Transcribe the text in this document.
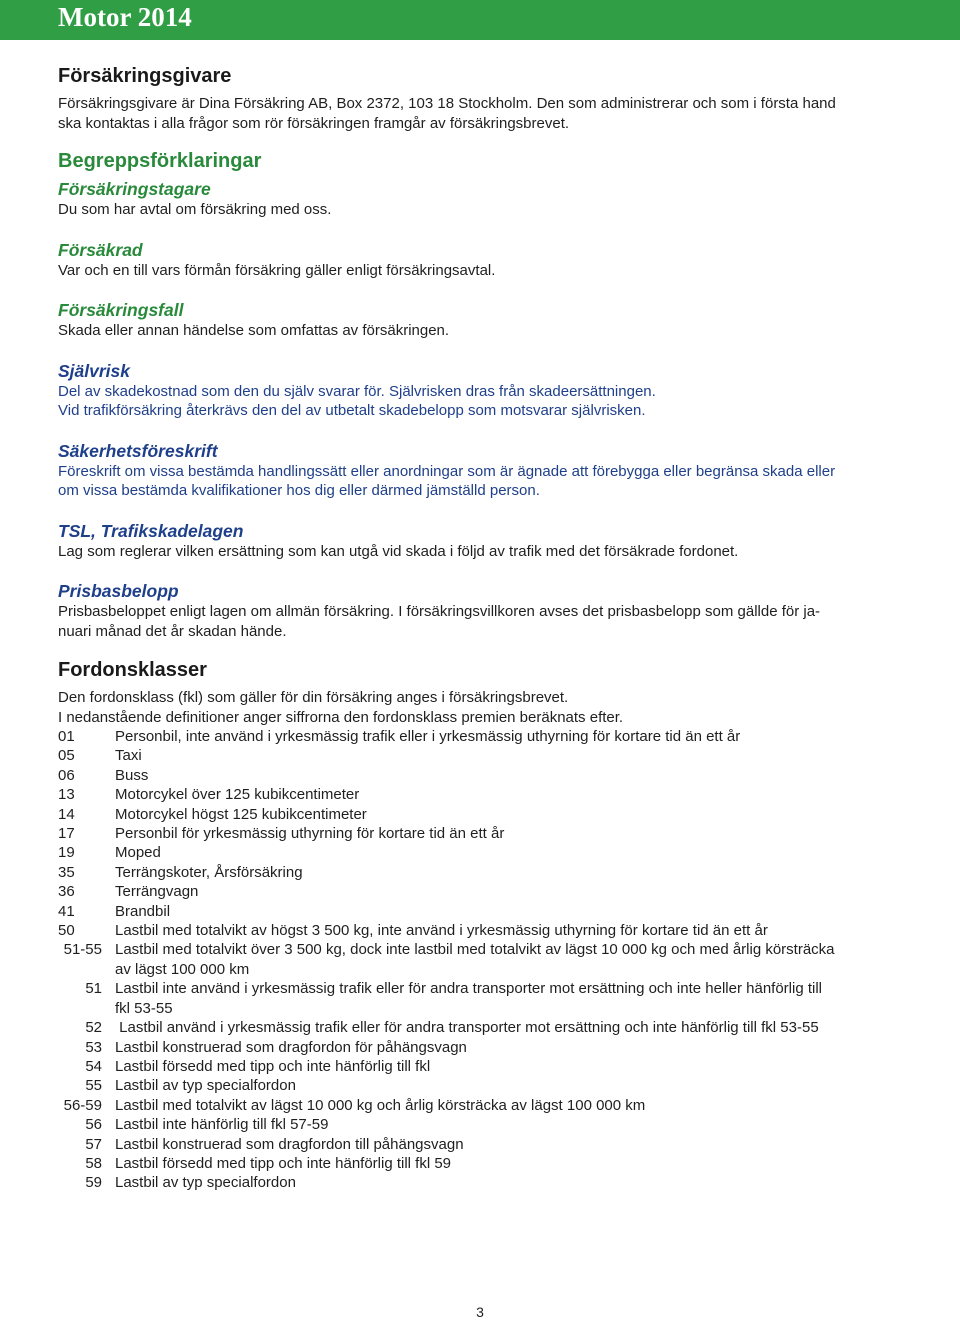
Motor 2014
Försäkringsgivare

Försäkringsgivare är Dina Försäkring AB, Box 2372, 103 18 Stockholm. Den som administrerar och som i första hand

ska kontaktas i alla frågor som rör försäkringen framgår av försäkringsbrevet.

Begreppsförklaringar
Försäkringstagare

Du som har avtal om försäkring med oss.

Försäkrad

Var och en till vars förmån försäkring gäller enligt försäkringsavtal.

Försäkringsfall

Skada eller annan händelse som omfattas av försäkringen.

Självrisk

Del av skadekostnad som den du själv svarar för. Självrisken dras från skadeersättningen.

Vid trafikförsäkring återkrävs den del av utbetalt skadebelopp som motsvarar självrisken.

Säkerhetsföreskrift

Föreskrift om vissa bestämda handlingssätt eller anordningar som är ägnade att förebygga eller begränsa skada eller

om vissa bestämda kvalifikationer hos dig eller därmed jämställd person.

TSL, Trafikskadelagen

Lag som reglerar vilken ersättning som kan utgå vid skada i följd av trafik med det försäkrade fordonet.

Prisbasbelopp

Prisbasbeloppet enligt lagen om allmän försäkring. I försäkringsvillkoren avses det prisbasbelopp som gällde för ja-

nuari månad det år skadan hände.

Fordonsklasser

Den fordonsklass (fkl) som gäller för din försäkring anges i försäkringsbrevet.

I nedanstående definitioner anger siffrorna den fordonsklass premien beräknats efter.

01	Personbil, inte använd i yrkesmässig trafik eller i yrkesmässig uthyrning för kortare tid än ett år
05	Taxi
06	Buss
13	Motorcykel över 125 kubikcentimeter
14	Motorcykel högst 125 kubikcentimeter
17	Personbil för yrkesmässig uthyrning för kortare tid än ett år
19	Moped
35	Terrängskoter, Årsförsäkring
36	Terrängvagn
41	Brandbil
50	Lastbil med totalvikt av högst 3 500 kg, inte använd i yrkesmässig uthyrning för kortare tid än ett år
51-55 Lastbil med totalvikt över 3 500 kg, dock inte lastbil med totalvikt av lägst 10 000 kg och med årlig körsträcka
av lägst 100 000 km
51 Lastbil inte använd i yrkesmässig trafik eller för andra transporter mot ersättning och inte heller hänförlig till
fkl 53-55
52 Lastbil använd i yrkesmässig trafik eller för andra transporter mot ersättning och inte hänförlig till fkl 53-55
53 Lastbil konstruerad som dragfordon för påhängsvagn
54 Lastbil försedd med tipp och inte hänförlig till fkl
55 Lastbil av typ specialfordon
56-59 Lastbil med totalvikt av lägst 10 000 kg och årlig körsträcka av lägst 100 000 km
56 Lastbil inte hänförlig till fkl 57-59
57 Lastbil konstruerad som dragfordon till påhängsvagn
58 Lastbil försedd med tipp och inte hänförlig till fkl 59
59 Lastbil av typ specialfordon
3
